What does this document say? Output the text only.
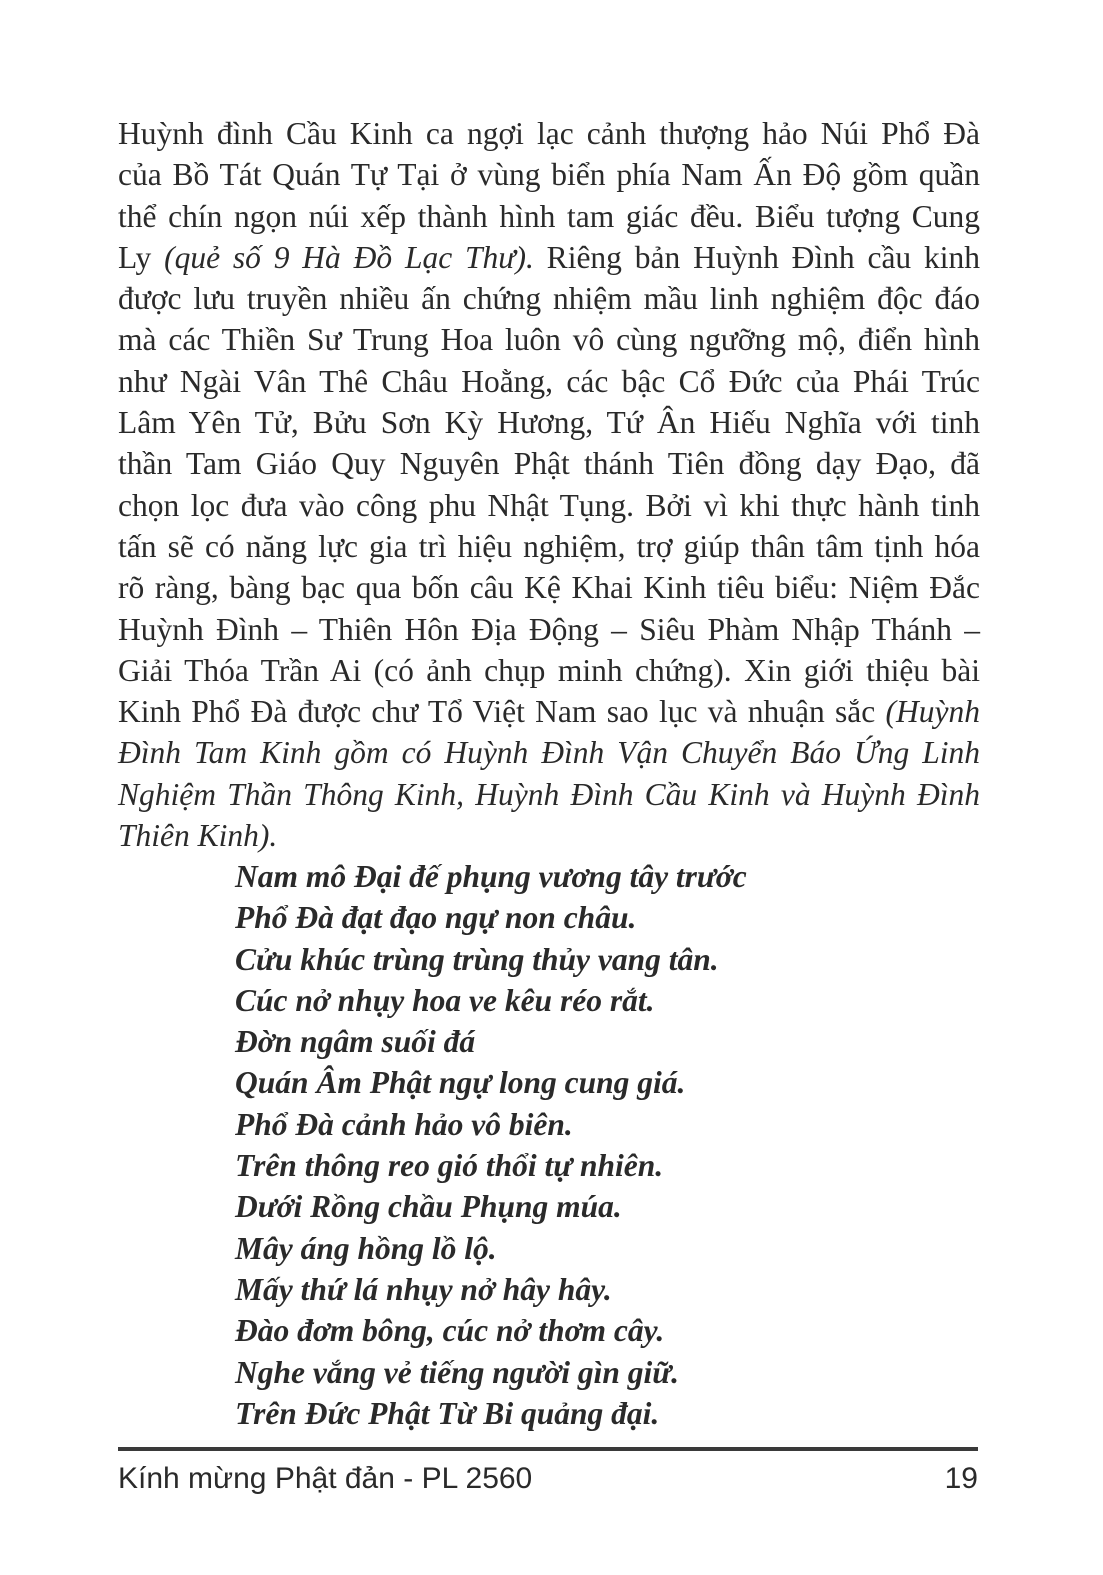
Huỳnh đình Cầu Kinh ca ngợi lạc cảnh thượng hảo Núi Phổ Đà
của Bồ Tát Quán Tự Tại ở vùng biển phía Nam Ấn Độ gồm quần
thể chín ngọn núi xếp thành hình tam giác đều. Biểu tượng Cung
Ly (quẻ số 9 Hà Đồ Lạc Thư). Riêng bản Huỳnh Đình cầu kinh
được lưu truyền nhiều ấn chứng nhiệm mầu linh nghiệm độc đáo
mà các Thiền Sư Trung Hoa luôn vô cùng ngưỡng mộ, điển hình
như Ngài Vân Thê Châu Hoằng, các bậc Cổ Đức của Phái Trúc
Lâm Yên Tử, Bửu Sơn Kỳ Hương, Tứ Ân Hiếu Nghĩa với tinh
thần Tam Giáo Quy Nguyên Phật thánh Tiên đồng dạy Đạo, đã
chọn lọc đưa vào công phu Nhật Tụng. Bởi vì khi thực hành tinh
tấn sẽ có năng lực gia trì hiệu nghiệm, trợ giúp thân tâm tịnh hóa
rõ ràng, bàng bạc qua bốn câu Kệ Khai Kinh tiêu biểu: Niệm Đắc
Huỳnh Đình – Thiên Hôn Địa Động – Siêu Phàm Nhập Thánh –
Giải Thóa Trần Ai (có ảnh chụp minh chứng). Xin giới thiệu bài
Kinh Phổ Đà được chư Tổ Việt Nam sao lục và nhuận sắc (Huỳnh
Đình Tam Kinh gồm có Huỳnh Đình Vận Chuyển Báo Ứng Linh
Nghiệm Thần Thông Kinh, Huỳnh Đình Cầu Kinh và Huỳnh Đình
Thiên Kinh).
Nam mô Đại đế phụng vương tây trước
Phổ Đà đạt đạo ngự non châu.
Cửu khúc trùng trùng thủy vang tân.
Cúc nở nhụy hoa ve kêu réo rắt.
Đờn ngâm suối đá
Quán Âm Phật ngự long cung giá.
Phổ Đà cảnh hảo vô biên.
Trên thông reo gió thổi tự nhiên.
Dưới Rồng chầu Phụng múa.
Mây áng hồng lồ lộ.
Mấy thứ lá nhụy nở hây hây.
Đào đơm bông, cúc nở thơm cây.
Nghe vắng vẻ tiếng người gìn giữ.
Trên Đức Phật Từ Bi quảng đại.
Kính mừng Phật đản - PL 2560	19
